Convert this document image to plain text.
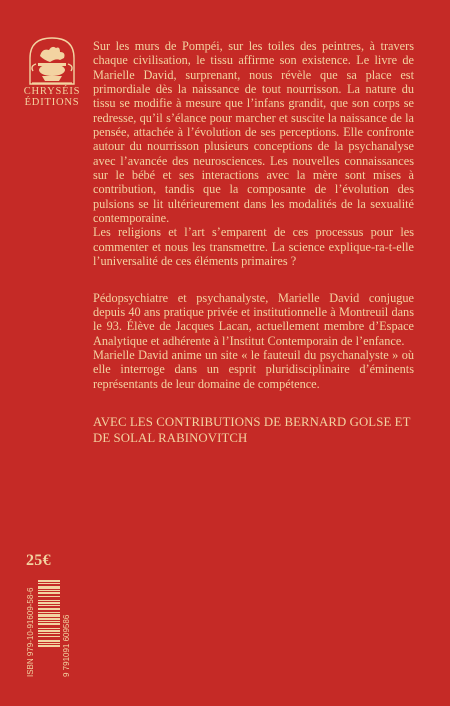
CHRYSÉIS
ÉDITIONS

Sur les murs de Pompéi, sur les toiles des peintres, à travers chaque civilisation, le tissu affirme son existence. Le livre de Marielle David, surprenant, nous révèle que sa place est primordiale dès la naissance de tout nourrisson. La nature du tissu se modifie à mesure que l’infans grandit, que son corps se redresse, qu’il s’élance pour marcher et suscite la naissance de la pensée, attachée à l’évolution de ses perceptions. Elle confronte autour du nourrisson plusieurs conceptions de la psychanalyse avec l’avancée des neurosciences. Les nouvelles connaissances sur le bébé et ses interactions avec la mère sont mises à contribution, tandis que la composante de l’évolution des pulsions se lit ultérieurement dans les modalités de la sexualité contemporaine.

Les religions et l’art s’emparent de ces processus pour les commenter et nous les transmettre. La science explique-ra-t-elle l’universalité de ces éléments primaires ?

Pédopsychiatre et psychanalyste, Marielle David conjugue depuis 40 ans pratique privée et institutionnelle à Montreuil dans le 93. Élève de Jacques Lacan, actuellement membre d’Espace Analytique et adhérente à l’Institut Contemporain de l’enfance.

Marielle David anime un site « le fauteuil du psychanalyste » où elle interroge dans un esprit pluridisciplinaire d’éminents représentants de leur domaine de compétence.

AVEC LES CONTRIBUTIONS DE BERNARD GOLSE ET DE SOLAL RABINOVITCH
25€
ISBN 979-10-91609-58-6	9 791091 609586
